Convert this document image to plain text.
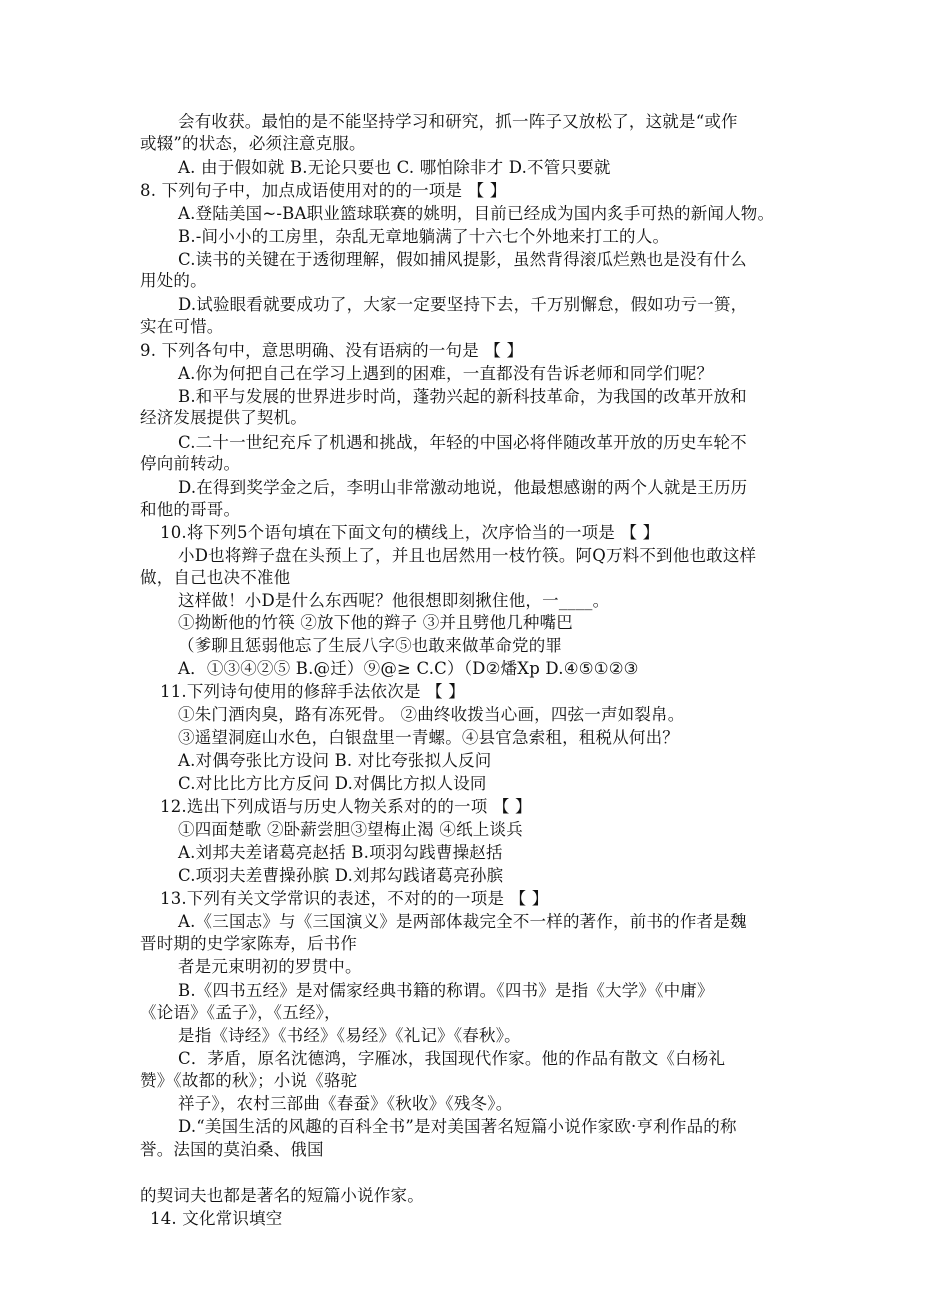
会有收获。最怕的是不能坚持学习和研究，抓一阵子又放松了，这就是“或作
或辍”的状态，必须注意克服。
A. 由于假如就 B.无论只要也 C. 哪怕除非才 D.不管只要就
8. 下列句子中，加点成语使用对的的一项是 【 】
A.登陆美国~-BA职业篮球联赛的姚明，目前已经成为国内炙手可热的新闻人物。
B.-间小小的工房里，杂乱无章地躺满了十六七个外地来打工的人。
C.读书的关键在于透彻理解，假如捕风提影，虽然背得滚瓜烂熟也是没有什么
用处的。
D.试验眼看就要成功了，大家一定要坚持下去，千万别懈怠，假如功亏一篑，
实在可惜。
9. 下列各句中，意思明确、没有语病的一句是 【 】
A.你为何把自己在学习上遇到的困难，一直都没有告诉老师和同学们呢？
B.和平与发展的世界进步时尚，蓬勃兴起的新科技革命，为我国的改革开放和
经济发展提供了契机。
C.二十一世纪充斥了机遇和挑战，年轻的中国必将伴随改革开放的历史车轮不
停向前转动。
D.在得到奖学金之后，李明山非常激动地说，他最想感谢的两个人就是王历历
和他的哥哥。
10.将下列5个语句填在下面文句的横线上，次序恰当的一项是 【 】
小D也将辫子盘在头预上了，并且也居然用一枝竹筷。阿Q万料不到他也敢这样
做，自己也决不准他
这样做！小D是什么东西呢？他很想即刻揪住他，一____。
①拗断他的竹筷 ②放下他的辫子 ③并且劈他几种嘴巴
（爹聊且惩弱他忘了生辰八字⑤也敢来做革命党的罪
A．①③④②⑤ B.@迁）⑨@≥ C.C）（D②燔Xp D.④⑤①②③
11.下列诗句使用的修辞手法依次是 【 】
①朱门酒肉臭，路有冻死骨。 ②曲终收拨当心画，四弦一声如裂帛。
③遥望洞庭山水色，白银盘里一青螺。④县官急索租，租税从何出？
A.对偶夸张比方设问 B. 对比夸张拟人反问
C.对比比方比方反问 D.对偶比方拟人设同
12.选出下列成语与历史人物关系对的的一项 【 】
①四面楚歌 ②卧薪尝胆③望梅止渴 ④纸上谈兵
A.刘邦夫差诸葛亮赵括 B.项羽勾践曹操赵括
C.项羽夫差曹操孙膑 D.刘邦勾践诸葛亮孙膑
13.下列有关文学常识的表述，不对的的一项是 【 】
A.《三国志》与《三国演义》是两部体裁完全不一样的著作，前书的作者是魏
晋时期的史学家陈寿，后书作
者是元束明初的罗贯中。
B.《四书五经》是对儒家经典书籍的称谓。《四书》是指《大学》《中庸》
《论语》《孟子》，《五经》，
是指《诗经》《书经》《易经》《礼记》《春秋》。
C．茅盾，原名沈德鸿，字雁冰，我国现代作家。他的作品有散文《白杨礼
赞》《故都的秋》；小说《骆驼
祥子》，农村三部曲《春蚕》《秋收》《残冬》。
D.“美国生活的风趣的百科全书”是对美国著名短篇小说作家欧·亨利作品的称
誉。法国的莫泊桑、俄国
的契词夫也都是著名的短篇小说作家。
14. 文化常识填空
